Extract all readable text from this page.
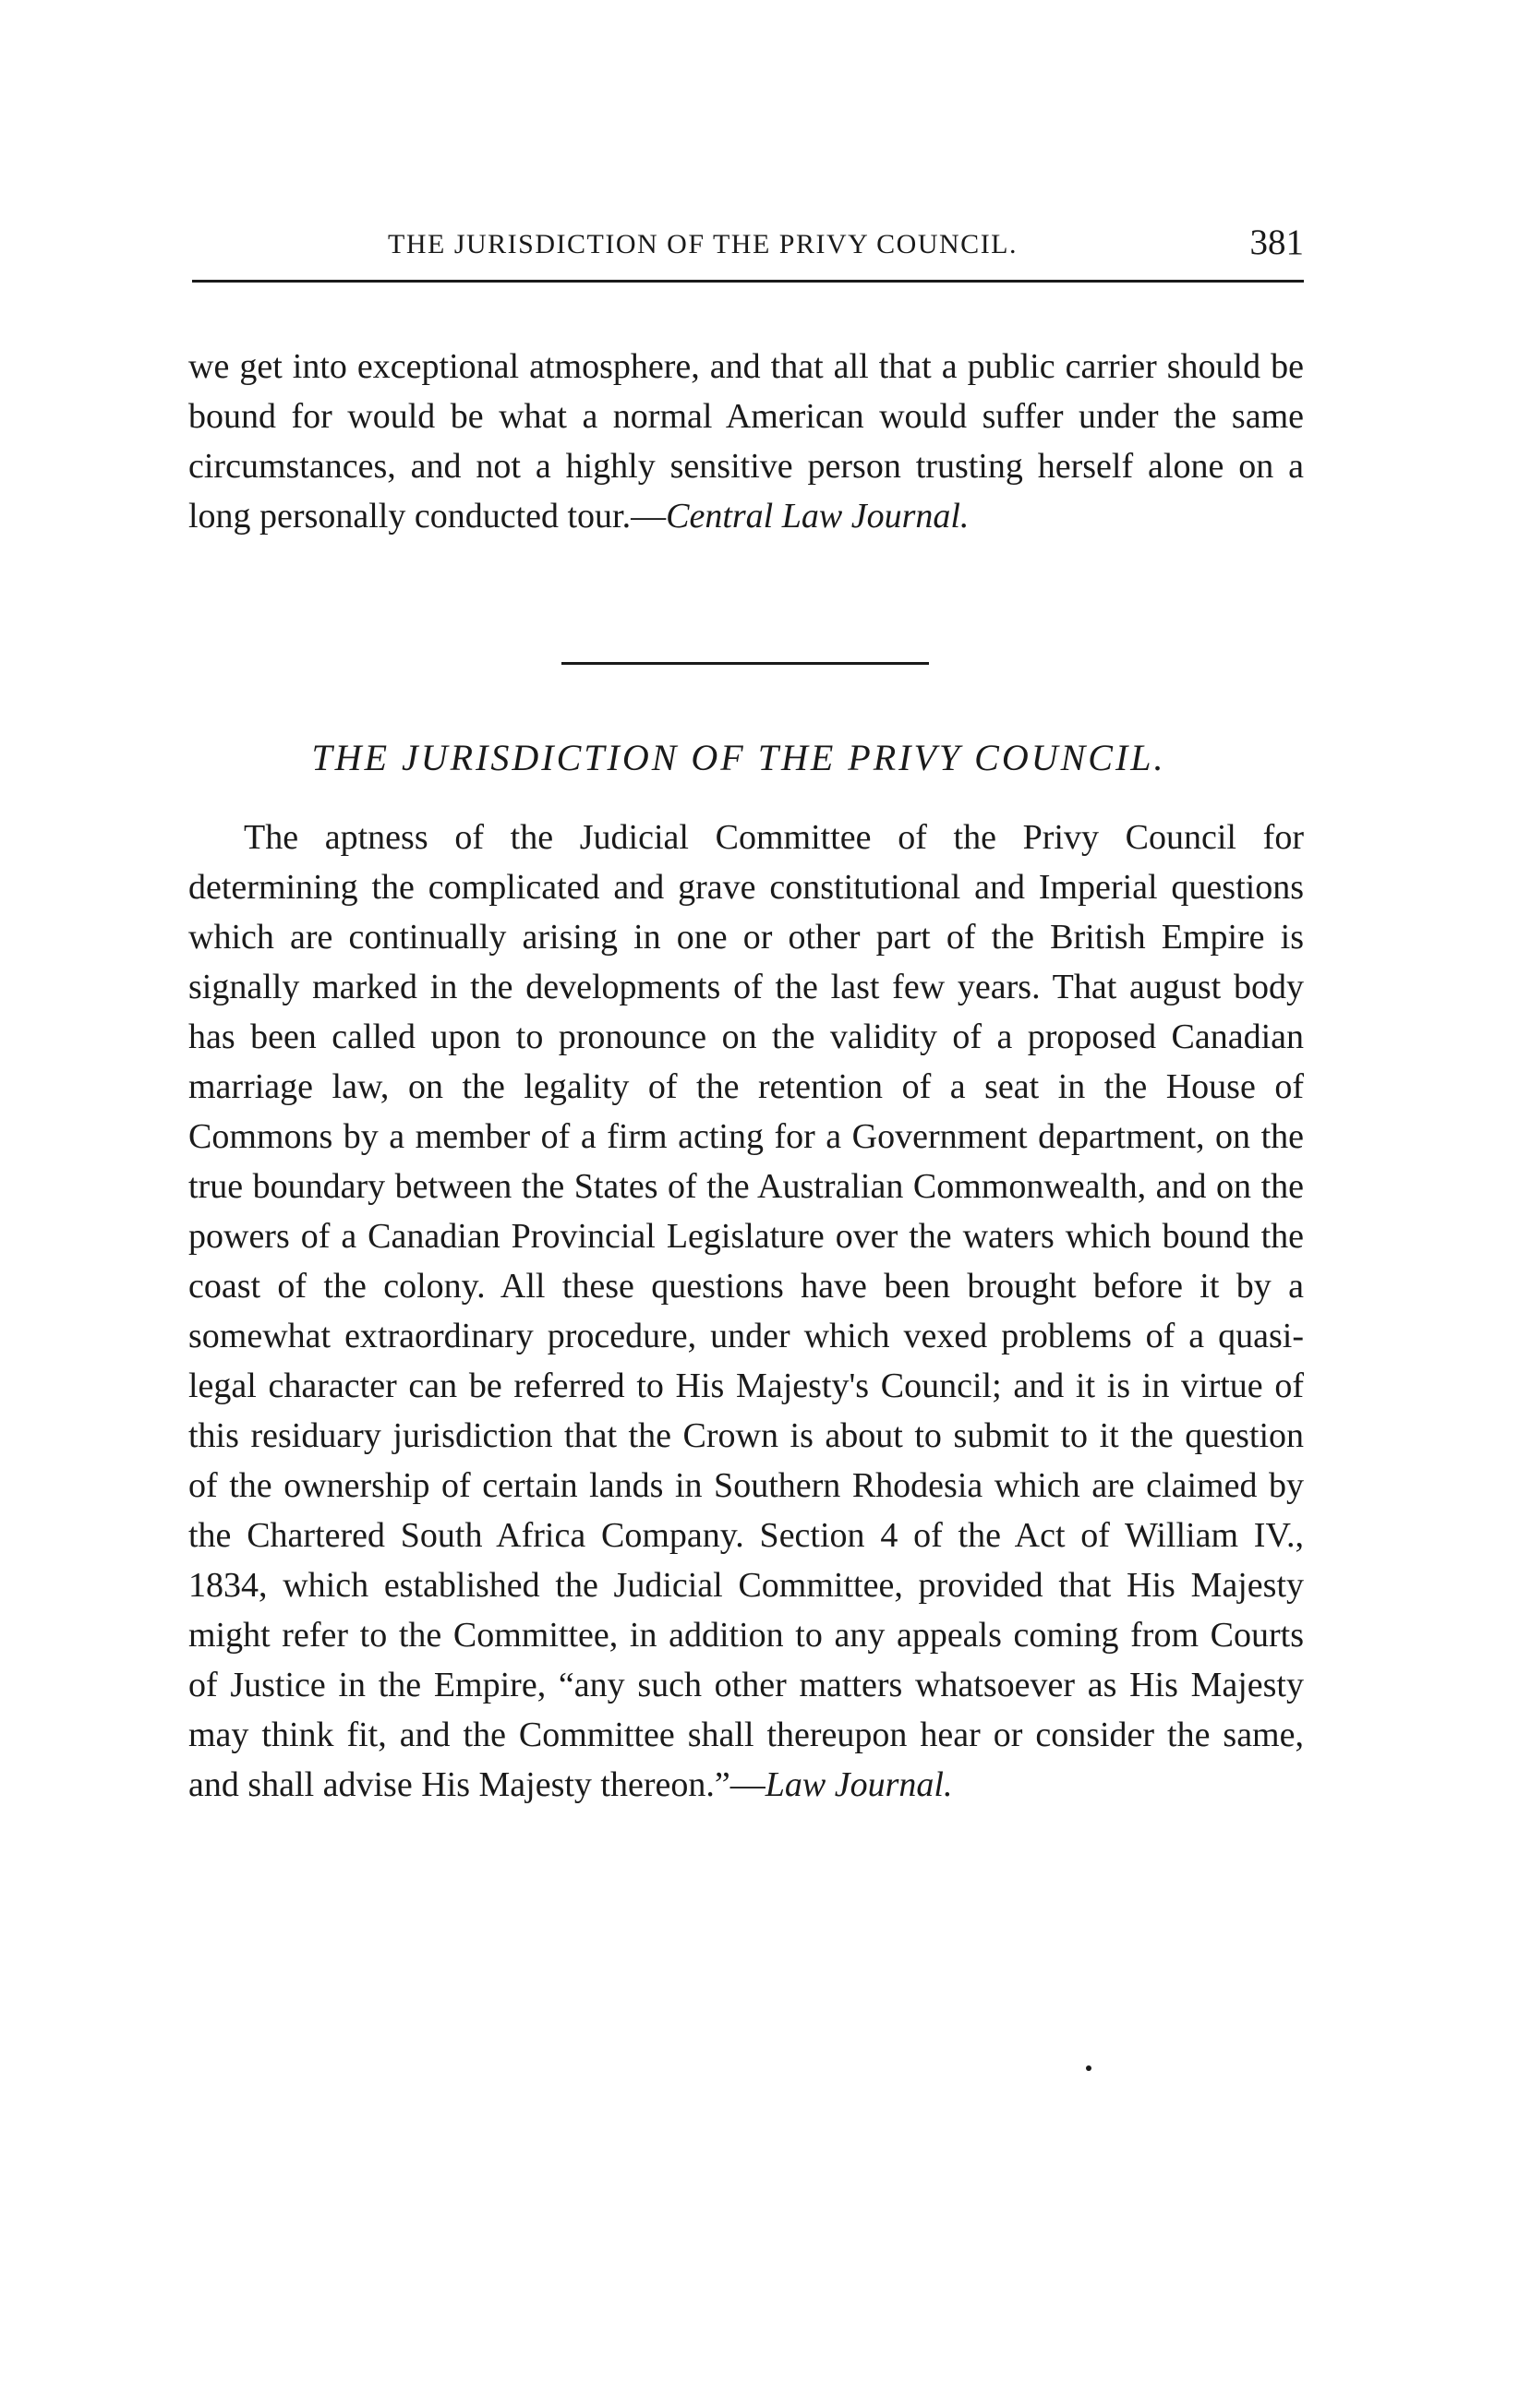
THE JURISDICTION OF THE PRIVY COUNCIL.	381
we get into exceptional atmosphere, and that all that a public carrier should be bound for would be what a normal American would suffer under the same circumstances, and not a highly sensitive person trusting herself alone on a long personally conducted tour.—Central Law Journal.
THE JURISDICTION OF THE PRIVY COUNCIL.
The aptness of the Judicial Committee of the Privy Council for determining the complicated and grave constitutional and Imperial questions which are continually arising in one or other part of the British Empire is signally marked in the developments of the last few years. That august body has been called upon to pronounce on the validity of a proposed Canadian marriage law, on the legality of the retention of a seat in the House of Commons by a member of a firm acting for a Government department, on the true boundary between the States of the Australian Commonwealth, and on the powers of a Canadian Provincial Legislature over the waters which bound the coast of the colony. All these questions have been brought before it by a somewhat extraordinary procedure, under which vexed problems of a quasi-legal character can be referred to His Majesty's Council; and it is in virtue of this residuary jurisdiction that the Crown is about to submit to it the question of the ownership of certain lands in Southern Rhodesia which are claimed by the Chartered South Africa Company. Section 4 of the Act of William IV., 1834, which established the Judicial Committee, provided that His Majesty might refer to the Committee, in addition to any appeals coming from Courts of Justice in the Empire, “any such other matters whatsoever as His Majesty may think fit, and the Committee shall thereupon hear or consider the same, and shall advise His Majesty thereon.”—Law Journal.
